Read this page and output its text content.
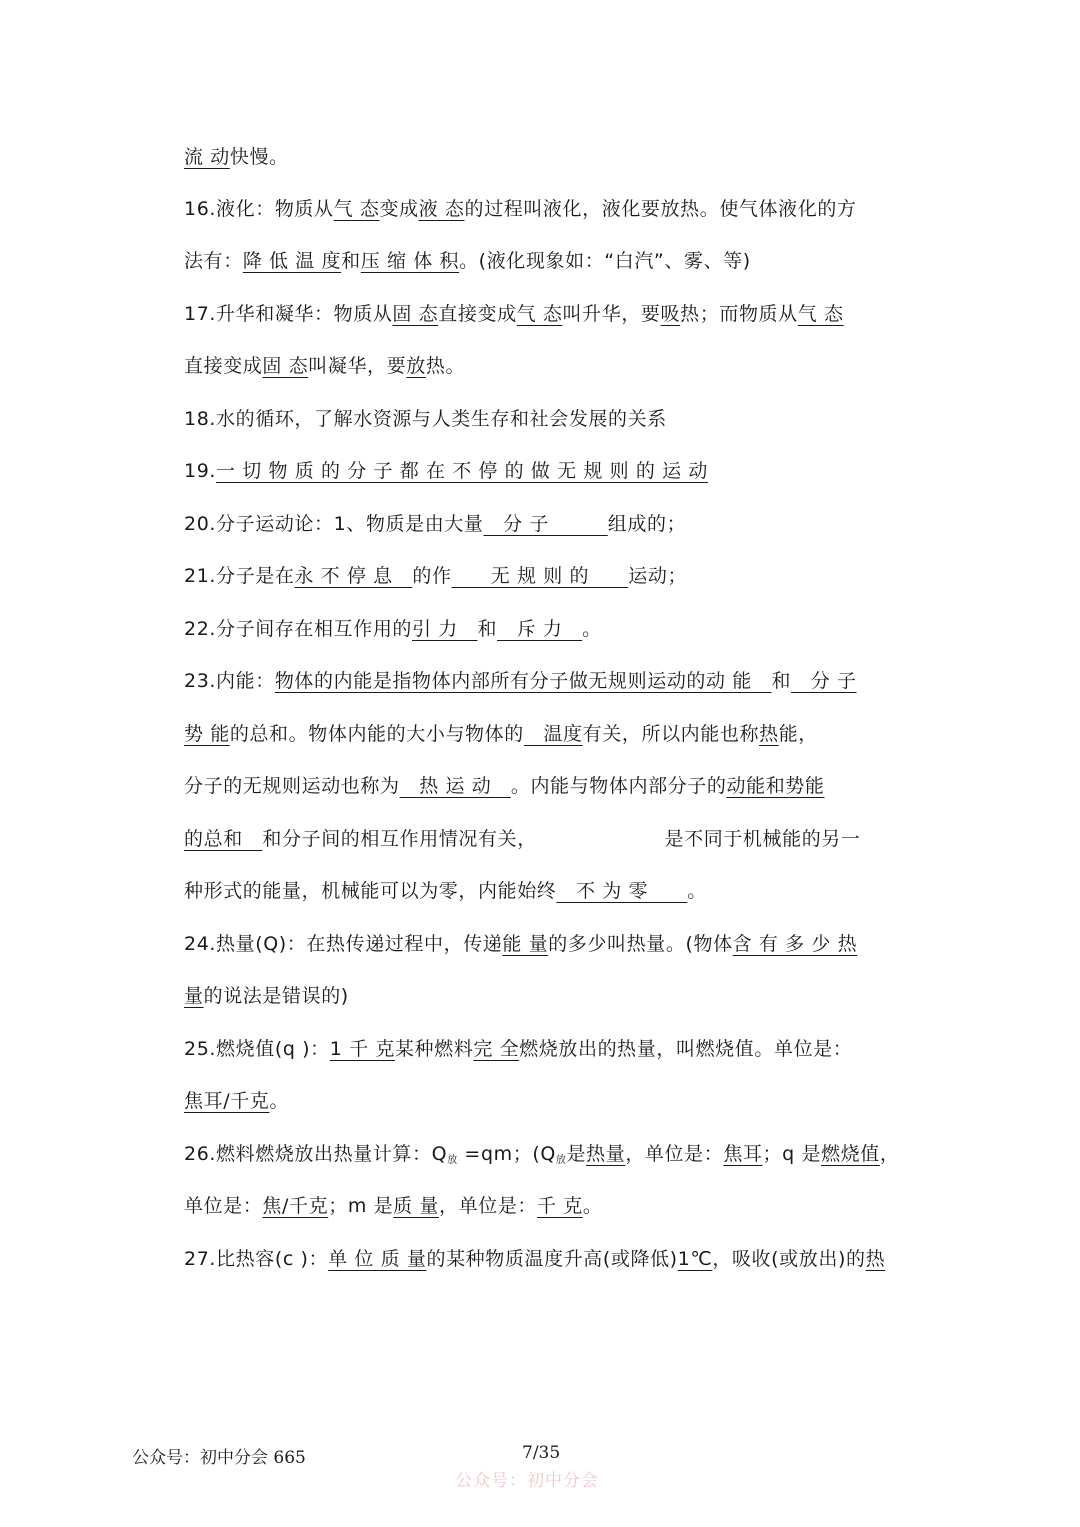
流 动快慢。
16.液化：物质从气 态变成液 态的过程叫液化，液化要放热。使气体液化的方
法有：降 低 温 度和压 缩 体 积。(液化现象如：“白汽”、雾、等)
17.升华和凝华：物质从固 态直接变成气 态叫升华，要吸热；而物质从气 态
直接变成固 态叫凝华，要放热。
18.水的循环，了解水资源与人类生存和社会发展的关系
19.一 切 物 质 的 分 子 都 在 不 停 的 做 无 规 则 的 运 动
20.分子运动论：1、物质是由大量　分 子　　　组成的；
21.分子是在永 不 停 息　的作　　无 规 则 的　　运动；
22.分子间存在相互作用的引 力　和　斥 力　。
23.内能：物体的内能是指物体内部所有分子做无规则运动的动 能　和　分 子
势 能的总和。物体内能的大小与物体的　温度有关，所以内能也称热能，
分子的无规则运动也称为　热 运 动　。内能与物体内部分子的动能和势能
的总和　和分子间的相互作用情况有关，　　　　　　　是不同于机械能的另一
种形式的能量，机械能可以为零，内能始终　不 为 零　　。
24.热量(Q)：在热传递过程中，传递能 量的多少叫热量。(物体含 有 多 少 热
量的说法是错误的)
25.燃烧值(q )：1 千 克某种燃料完 全燃烧放出的热量，叫燃烧值。单位是：
焦耳/千克。
26.燃料燃烧放出热量计算：$Q_放 =qm$；($Q_放$是热量，单位是：焦耳；q 是燃烧值，
单位是：焦/千克；m 是质 量，单位是：千 克。
27.比热容(c )：单 位 质 量的某种物质温度升高(或降低)1℃，吸收(或放出)的热
公众号：初中分会 665	7/35
公众号：初中分会
